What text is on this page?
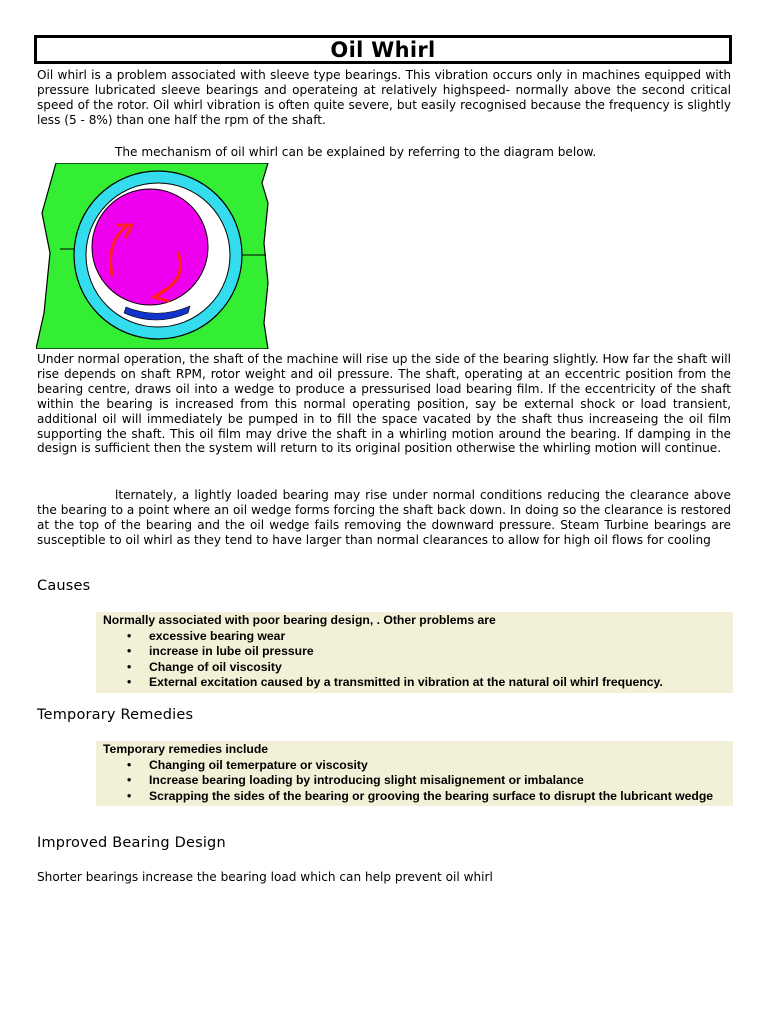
Oil Whirl

Oil whirl is a problem associated with sleeve type bearings. This vibration occurs only in machines equipped with pressure lubricated sleeve bearings and operateing at relatively highspeed- normally above the second critical speed of the rotor. Oil whirl vibration is often quite severe, but easily recognised because the frequency is slightly less (5 - 8%) than one half the rpm of the shaft.

The mechanism of oil whirl can be explained by referring to the diagram below.

Under normal operation, the shaft of the machine will rise up the side of the bearing slightly. How far the shaft will rise depends on shaft RPM, rotor weight and oil pressure. The shaft, operating at an eccentric position from the bearing centre, draws oil into a wedge to produce a pressurised load bearing film. If the eccentricity of the shaft within the bearing is increased from this normal operating position, say be external shock or load transient, additional oil will immediately be pumped in to fill the space vacated by the shaft thus increaseing the oil film supporting the shaft. This oil film may drive the shaft in a whirling motion around the bearing. If damping in the design is sufficient then the system will return to its original position otherwise the whirling motion will continue.

lternately, a lightly loaded bearing may rise under normal conditions reducing the clearance above the bearing to a point where an oil wedge forms forcing the shaft back down. In doing so the clearance is restored at the top of the bearing and the oil wedge fails removing the downward pressure. Steam Turbine bearings are susceptible to oil whirl as they tend to have larger than normal clearances to allow for high oil flows for cooling

Causes

Normally associated with poor bearing design, . Other problems are

• excessive bearing wear
• increase in lube oil pressure
• Change of oil viscosity
• External excitation caused by a transmitted in vibration at the natural oil whirl frequency.
Temporary Remedies

Temporary remedies include

• Changing oil temerpature or viscosity
• Increase bearing loading by introducing slight misalignement or imbalance
• Scrapping the sides of the bearing or grooving the bearing surface to disrupt the lubricant wedge
Improved Bearing Design

Shorter bearings increase the bearing load which can help prevent oil whirl
